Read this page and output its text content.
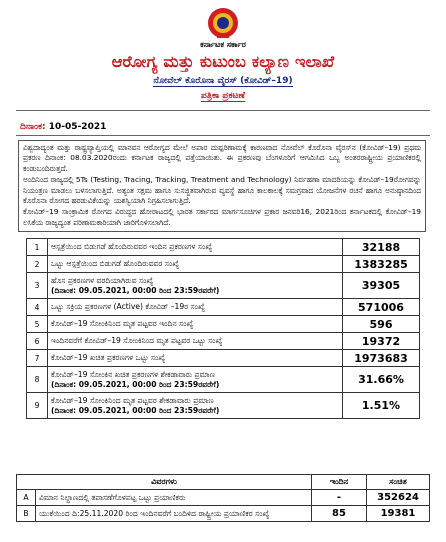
ಕರ್ನಾಟಕ ಸರ್ಕಾರ
ಆರೋಗ್ಯ ಮತ್ತು ಕುಟುಂಬ ಕಲ್ಯಾಣ ಇಲಾಖೆ
ನೋವೆಲ್ ಕೊರೊನಾ ವೈರಸ್ (ಕೋವಿಡ್–19)
ಪತ್ರಿಕಾ ಪ್ರಕಟಣೆ
ದಿನಾಂಕ: 10-05-2021

ವಿಶ್ವದಾದ್ಯಂತ ಮತ್ತು ರಾಷ್ಟ್ರವ್ಯಾಪ್ತಿಯಲ್ಲಿ ಮಾನವನ ಆರೋಗ್ಯದ ಮೇಲೆ ಅಪಾರ ದುಷ್ಪರಿಣಾಮಕ್ಕೆ ಕಾರಣವಾದ ನೋವೆಲ್ ಕೊರೊನಾ ವೈರಸ್‌ನ (ಕೋವಿಡ್–19) ಪ್ರಥಮ ಪ್ರಕರಣ ದಿನಾಂಕ: 08.03.2020ರಂದು ಕರ್ನಾಟಕ ರಾಜ್ಯದಲ್ಲಿ ಪತ್ತೆಯಾಯಿತು. ಈ ಪ್ರಕರಣವು ಬೆಂಗಳೂರಿಗೆ ಆಗಮಿಸಿದ ಒಬ್ಬ ಅಂತರರಾಷ್ಟ್ರೀಯ ಪ್ರಯಾಣಿಕರಲ್ಲಿ ಕಂಡುಬಂದಿರುತ್ತದೆ.

ಅಂದಿನಿಂದ ರಾಜ್ಯದಲ್ಲಿ 5Ts (Testing, Tracing, Tracking, Treatment and Technology) ನಿರ್ವಹಣಾ ಮಾದರಿಯನ್ನು ಕೋವಿಡ್–19ರೋಗವನ್ನು ನಿಯಂತ್ರಣ ಮಾಡಲು ಬಳಸಲಾಗುತ್ತಿದೆ. ಅತ್ಯಂತ ಸಕ್ಷಮ ಹಾಗೂ ಸುಸಜ್ಜಿತವಾಗಿರುವ ವ್ಯವಸ್ಥೆ ಹಾಗೂ ಕಾಲಕಾಲಕ್ಕೆ ಸಮಗ್ರವಾದ ಯೋಜನೆಗಳ ರಚನೆ ಹಾಗೂ ಅನುಷ್ಠಾನದಿಂದ ಕೊರೊನಾ ರೋಗದ ಹರಡುವಿಕೆಯನ್ನು ಯಶಸ್ವಿಯಾಗಿ ನಿಗ್ರಹಿಸಲಾಗುತ್ತಿದೆ.

ಕೋವಿಡ್–19 ಸಾಂಕ್ರಾಮಿಕ ರೋಗದ ವಿರುದ್ಧದ ಹೋರಾಟದಲ್ಲಿ ಭಾರತ ಸರ್ಕಾರದ ಮಾರ್ಗಸೂಚಿಗಳ ಪ್ರಕಾರ ಜನವರಿ16, 2021ರಿಂದ ಕರ್ನಾಟಕದಲ್ಲಿ ಕೋವಿಡ್–19 ಲಸಿಕೆಯ ರಾಜ್ಯದ್ಯಂತ ಪರಿಣಾಮಕಾರಿಯಾಗಿ ಜಾರಿಗೊಳಿಸಲಾಗಿದೆ.

1	ಆಸ್ಪತ್ರೆಯಿಂದ ಬಿಡುಗಡೆ ಹೊಂದಿರುವವರ ಇಂದಿನ ಪ್ರಕರಣಗಳ ಸಂಖ್ಯೆ	32188
2	ಒಟ್ಟು ಆಸ್ಪತ್ರೆಯಿಂದ ಬಿಡುಗಡೆ ಹೊಂದಿರುವವರ ಸಂಖ್ಯೆ	1383285
3	ಹೊಸ ಪ್ರಕರಣಗಳ ವರದಿಯಾಗಿರುವ ಸಂಖ್ಯೆ
(ದಿನಾಂಕ: 09.05.2021, 00:00 ರಿಂದ 23:59ರವರೆಗೆ)	39305
4	ಒಟ್ಟು ಸಕ್ರಿಯ ಪ್ರಕರಣಗಳ (Active) ಕೋವಿಡ್ –19ರ ಸಂಖ್ಯೆ	571006
5	ಕೋವಿಡ್–19 ಸೋಂಕಿನಿಂದ ಮೃತ ಪಟ್ಟವರ ಇಂದಿನ ಸಂಖ್ಯೆ	596
6	ಇಂದಿನವರೆಗೆ ಕೋವಿಡ್–19 ಸೋಂಕಿನಿಂದ ಮೃತ ಪಟ್ಟವರ ಒಟ್ಟು ಸಂಖ್ಯೆ	19372
7	ಕೋವಿಡ್–19 ಖಚಿತ ಪ್ರಕರಣಗಳ ಒಟ್ಟು ಸಂಖ್ಯೆ	1973683
8	ಕೋವಿಡ್–19 ಸೋಂಕಿನ ಖಚಿತ ಪ್ರಕರಣಗಳ ಶೇಕಡಾವಾರು ಪ್ರಮಾಣ
(ದಿನಾಂಕ: 09.05.2021, 00:00 ರಿಂದ 23:59ರವರೆಗೆ)	31.66%
9	ಕೋವಿಡ್–19 ಸೋಂಕಿನಿಂದ ಮೃತ ಪಟ್ಟವರ ಶೇಕಡಾವಾರು ಪ್ರಮಾಣ
(ದಿನಾಂಕ: 09.05.2021, 00:00 ರಿಂದ 23:59ರವರೆಗೆ)	1.51%
ವಿವರಗಳು		ಇಂದಿನ	ಸಂಚಿತ
A	ವಿಮಾನ ನಿಲ್ದಾಣದಲ್ಲಿ ತಪಾಸಣೆಗೊಳಪಟ್ಟ ಒಟ್ಟು ಪ್ರಯಾಣಿಕರು	-	352624
B	ಯುಕೆಯಿಂದ ದಿ:25.11.2020 ರಿಂದ ಇಂದಿನವರೆಗೆ ಬಂದಿಳಿದ ರಾಷ್ಟ್ರೀಯ ಪ್ರಯಾಣಿಕರ ಸಂಖ್ಯೆ	85	19381
